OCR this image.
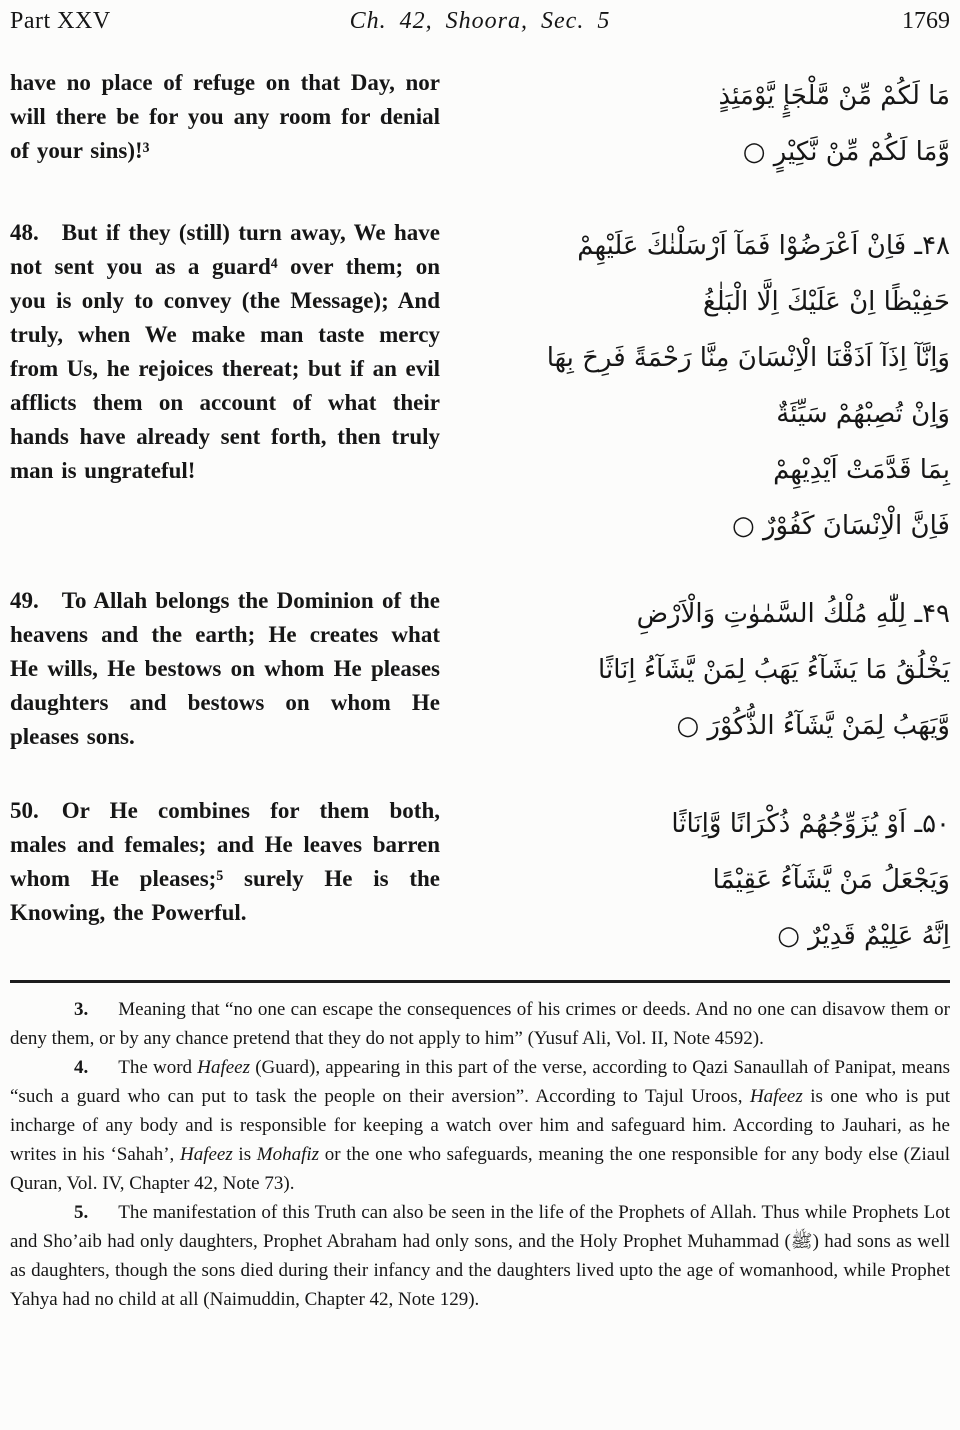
Part XXV	Ch. 42, Shoora, Sec. 5	1769
have no place of refuge on that Day, nor will there be for you any room for denial of your sins)!³
مَا لَكُمْ مِّنْ مَّلْجَإٍ يَّوْمَئِذٍ
وَّمَا لَكُمْ مِّنْ نَّكِيْرٍ ○
48. But if they (still) turn away, We have not sent you as a guard⁴ over them; on you is only to convey (the Message); And truly, when We make man taste mercy from Us, he rejoices thereat; but if an evil afflicts them on account of what their hands have already sent forth, then truly man is ungrateful!
۴۸ـ فَاِنْ اَعْرَضُوْا فَمَآ اَرْسَلْنٰكَ عَلَيْهِمْ
حَفِيْظًا اِنْ عَلَيْكَ اِلَّا الْبَلٰغُ
وَاِنَّآ اِذَآ اَذَقْنَا الْاِنْسَانَ مِنَّا رَحْمَةً فَرِحَ بِهَا
وَاِنْ تُصِبْهُمْ سَيِّئَةٌ
بِمَا قَدَّمَتْ اَيْدِيْهِمْ
فَاِنَّ الْاِنْسَانَ كَفُوْرٌ ○
49. To Allah belongs the Dominion of the heavens and the earth; He creates what He wills, He bestows on whom He pleases daughters and bestows on whom He pleases sons.
۴۹ـ لِلّٰهِ مُلْكُ السَّمٰوٰتِ وَالْاَرْضِ
يَخْلُقُ مَا يَشَآءُ يَهَبُ لِمَنْ يَّشَآءُ اِنَاثًا
وَّيَهَبُ لِمَنْ يَّشَآءُ الذُّكُوْرَ ○
50. Or He combines for them both, males and females; and He leaves barren whom He pleases;⁵ surely He is the Knowing, the Powerful.
۵۰ـ اَوْ يُزَوِّجُهُمْ ذُكْرَانًا وَّاِنَاثًا
وَيَجْعَلُ مَنْ يَّشَآءُ عَقِيْمًا
اِنَّهُ عَلِيْمٌ قَدِيْرٌ ○

3. Meaning that “no one can escape the consequences of his crimes or deeds. And no one can disavow them or deny them, or by any chance pretend that they do not apply to him” (Yusuf Ali, Vol. II, Note 4592).

4. The word Hafeez (Guard), appearing in this part of the verse, according to Qazi Sanaullah of Panipat, means “such a guard who can put to task the people on their aversion”. According to Tajul Uroos, Hafeez is one who is put incharge of any body and is responsible for keeping a watch over him and safeguard him. According to Jauhari, as he writes in his ‘Sahah’, Hafeez is Mohafiz or the one who safeguards, meaning the one responsible for any body else (Ziaul Quran, Vol. IV, Chapter 42, Note 73).

5. The manifestation of this Truth can also be seen in the life of the Prophets of Allah. Thus while Prophets Lot and Sho’aib had only daughters, Prophet Abraham had only sons, and the Holy Prophet Muhammad (ﷺ) had sons as well as daughters, though the sons died during their infancy and the daughters lived upto the age of womanhood, while Prophet Yahya had no child at all (Naimuddin, Chapter 42, Note 129).
